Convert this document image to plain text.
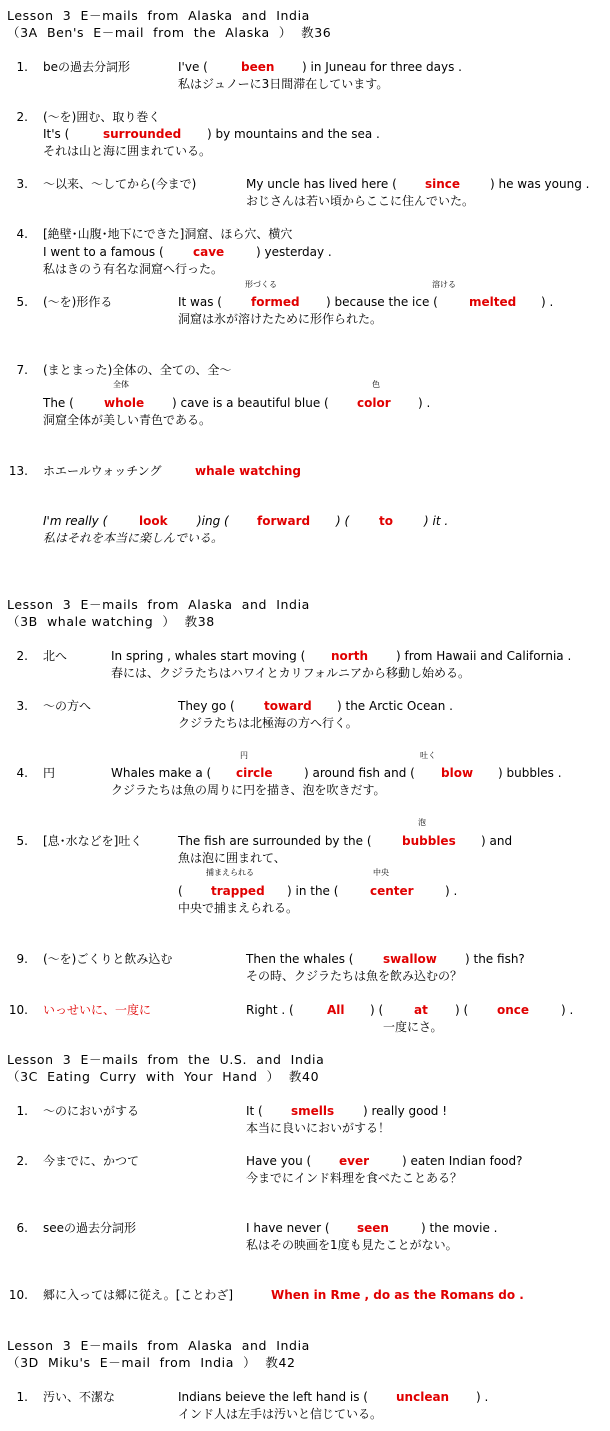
Lesson  3  E－mails  from  Alaska  and  India
（3A  Ben's  E－mail  from  the  Alaska  ）  教36
1. beの過去分詞形	I've (	been ) in Juneau for three days .
私はジュノーに3日間滞在しています。
2. (～を)囲む、取り巻く
It's (	surrounded ) by mountains and the sea .
それは山と海に囲まれている。
3. ～以来、～してから(今まで)	My uncle has lived here ( since ) he was young .
おじさんは若い頃からここに住んでいた。
4. [絶壁･山腹･地下にできた]洞窟、ほら穴、横穴
I went to a famous ( cave	) yesterday .
私はきのう有名な洞窟へ行った。
形づくる	溶ける
5. (～を)形作る	It was ( formed ) because the ice (	melted ) .
洞窟は氷が溶けたために形作られた。
7. (まとまった)全体の、全ての、全～
全体	色
The (	whole ) cave is a beautiful blue ( color ) .
洞窟全体が美しい青色である。
13. ホエールウォッチング	whale watching
I'm really (	look )ing ( forward ) ( to	) it .
私はそれを本当に楽しんでいる。
Lesson  3  E－mails  from  Alaska  and  India
（3B  whale watching  ）  教38
2. 北へ	In spring , whales start moving ( north ) from Hawaii and California .
春には、クジラたちはハワイとカリフォルニアから移動し始める。
3. ～の方へ	They go ( toward ) the Arctic Ocean .
クジラたちは北極海の方へ行く。
円	吐く
4. 円	Whales make a ( circle	) around fish and ( blow ) bubbles .
クジラたちは魚の周りに円を描き、泡を吹きだす。
泡
5. [息･水などを]吐く	The fish are surrounded by the (	bubbles ) and
魚は泡に囲まれて、
捕まえられる	中央
( trapped ) in the (	center	) .
中央で捕まえられる。
9. (～を)ごくりと飲み込む	Then the whales ( swallow ) the fish?
その時、クジラたちは魚を飲み込むの？
10. いっせいに、一度に	Right . (	All ) (	at ) ( once	) .
一度にさ。
Lesson  3  E－mails  from  the  U.S.  and  India
（3C  Eating  Curry  with  Your  Hand  ）  教40
1. ～のにおいがする	It ( smells ) really good !
本当に良いにおいがする！
2. 今までに、かつて	Have you ( ever	) eaten Indian food?
今までにインド料理を食べたことある？
6. seeの過去分詞形	I have never ( seen	) the movie .
私はその映画を1度も見たことがない。
10. 郷に入っては郷に従え。[ことわざ]	When in Rme , do as the Romans do .
Lesson  3  E－mails  from  Alaska  and  India
（3D  Miku's  E－mail  from  India  ）  教42
1. 汚い、不潔な	Indians beieve the left hand is ( unclean ) .
インド人は左手は汚いと信じている。
